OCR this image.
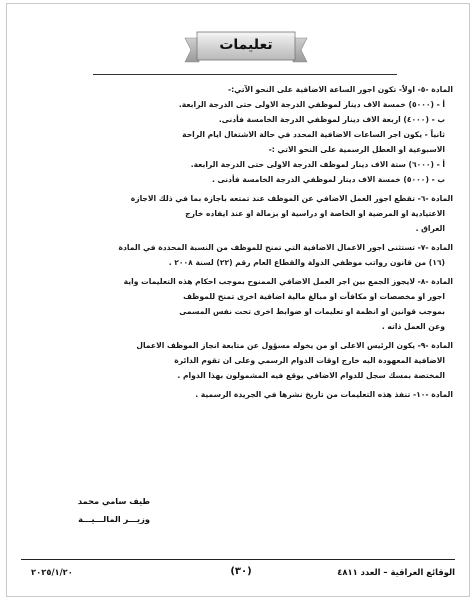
تعليمات

المادة -٥- اولاً- تكون اجور الساعة الاضافية على النحو الآتي:-

أ - (٥٠٠٠) خمسة الاف دينار لموظفي الدرجة الاولى حتى الدرجة الرابعة.

ب - (٤٠٠٠) اربعة الاف دينار لموظفي الدرجة الخامسة فأدنى.

ثانياً - يكون اجر الساعات الاضافية المحدد في حالة الاشتغال ايام الراحة

الاسبوعية او العطل الرسمية على النحو الاتي :-

أ - (٦٠٠٠) ستة الاف دينار لموظف الدرجة الاولى حتى الدرجة الرابعة.

ب - (٥٠٠٠) خمسة الاف دينار لموظفي الدرجة الخامسة فأدنى .

المادة -٦- تقطع اجور العمل الاضافي عن الموظف عند تمتعه باجازة بما في ذلك الاجازة

الاعتيادية او المرضية او الخاصة او دراسية او بزمالة او عند ايفاده خارج

العراق .

المادة -٧- تستثنى اجور الاعمال الاضافية التي تمنح للموظف من النسبة المحددة في المادة

(١٦) من قانون رواتب موظفي الدولة والقطاع العام رقم (٢٢) لسنة ٢٠٠٨ .

المادة -٨- لايجوز الجمع بين اجر العمل الاضافي الممنوح بموجب احكام هذه التعليمات واية

اجور او مخصصات او مكافآت او مبالغ مالية اضافية اخرى تمنح للموظف

بموجب قوانين او انظمة او تعليمات او ضوابط اخرى تحت نفس المسمى

وعن العمل ذاته .

المادة -٩- يكون الرئيس الاعلى او من يخوله مسؤول عن متابعة انجاز الموظف الاعمال

الاضافية المعهودة اليه خارج اوقات الدوام الرسمي وعلى ان تقوم الدائرة

المختصة بمسك سجل للدوام الاضافي يوقع فيه المشمولون بهذا الدوام .

المادة -١٠- تنفذ هذه التعليمات من تاريخ نشرها في الجريدة الرسمية .

طيف سامي محمد
وزيـــر المالـــيـــة
الوقائع العراقية – العدد ٤٨١١
(٣٠)
٢٠٢٥/١/٢٠
